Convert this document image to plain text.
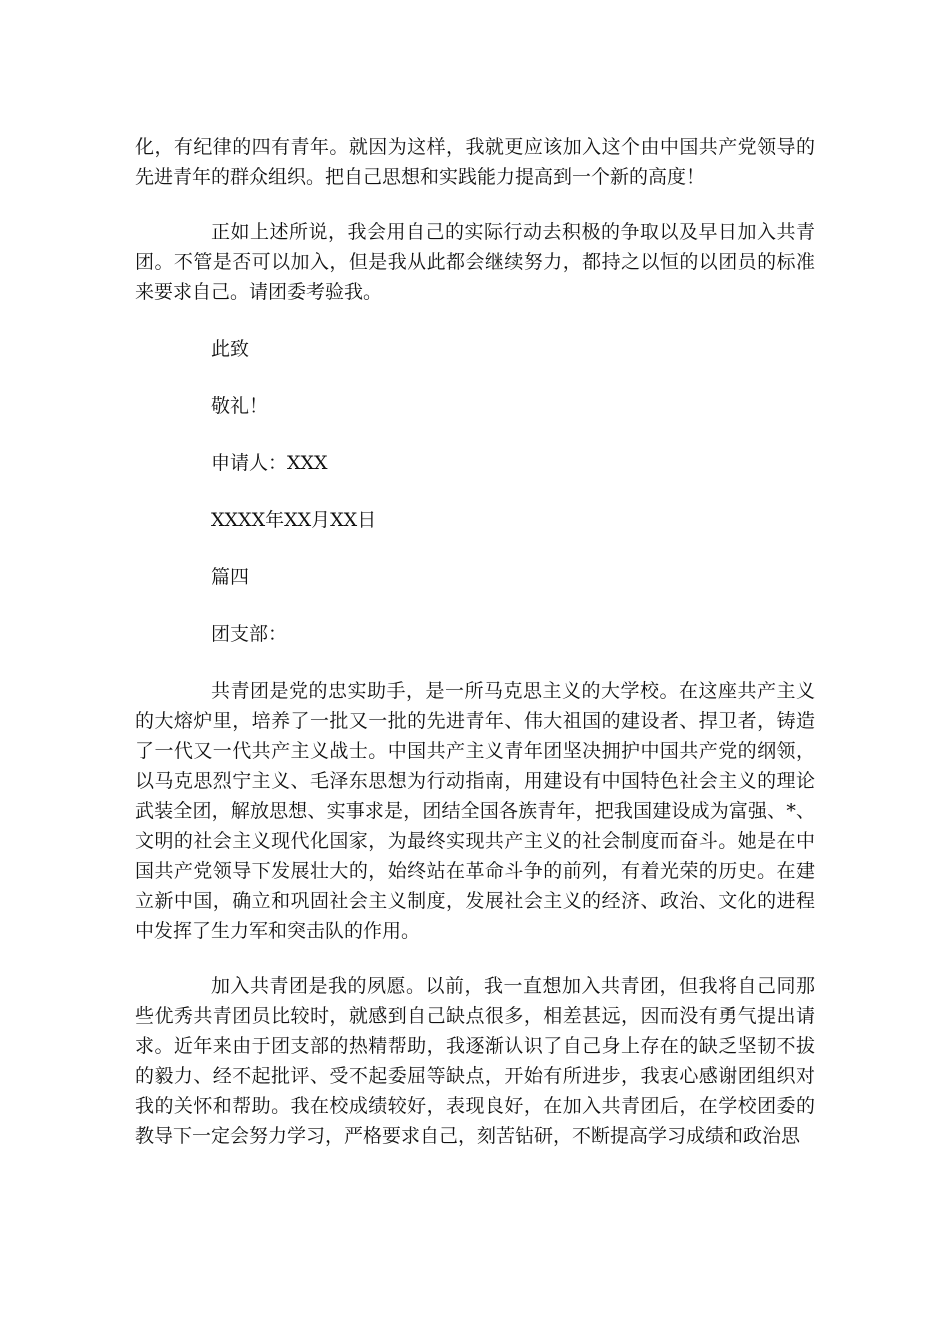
化，有纪律的四有青年。就因为这样，我就更应该加入这个由中国共产党领导的先进青年的群众组织。把自己思想和实践能力提高到一个新的高度！

正如上述所说，我会用自己的实际行动去积极的争取以及早日加入共青团。不管是否可以加入，但是我从此都会继续努力，都持之以恒的以团员的标准来要求自己。请团委考验我。

此致

敬礼！

申请人：XXX

XXXX年XX月XX日

篇四

团支部：

共青团是党的忠实助手，是一所马克思主义的大学校。在这座共产主义的大熔炉里，培养了一批又一批的先进青年、伟大祖国的建设者、捍卫者，铸造了一代又一代共产主义战士。中国共产主义青年团坚决拥护中国共产党的纲领，以马克思烈宁主义、毛泽东思想为行动指南，用建设有中国特色社会主义的理论武装全团，解放思想、实事求是，团结全国各族青年，把我国建设成为富强、*、文明的社会主义现代化国家，为最终实现共产主义的社会制度而奋斗。她是在中国共产党领导下发展壮大的，始终站在革命斗争的前列，有着光荣的历史。在建立新中国，确立和巩固社会主义制度，发展社会主义的经济、政治、文化的进程中发挥了生力军和突击队的作用。

加入共青团是我的夙愿。以前，我一直想加入共青团，但我将自己同那些优秀共青团员比较时，就感到自己缺点很多，相差甚远，因而没有勇气提出请求。近年来由于团支部的热精帮助，我逐渐认识了自己身上存在的缺乏坚韧不拔的毅力、经不起批评、受不起委屈等缺点，开始有所进步，我衷心感谢团组织对我的关怀和帮助。我在校成绩较好，表现良好，在加入共青团后，在学校团委的教导下一定会努力学习，严格要求自己，刻苦钻研，不断提高学习成绩和政治思
